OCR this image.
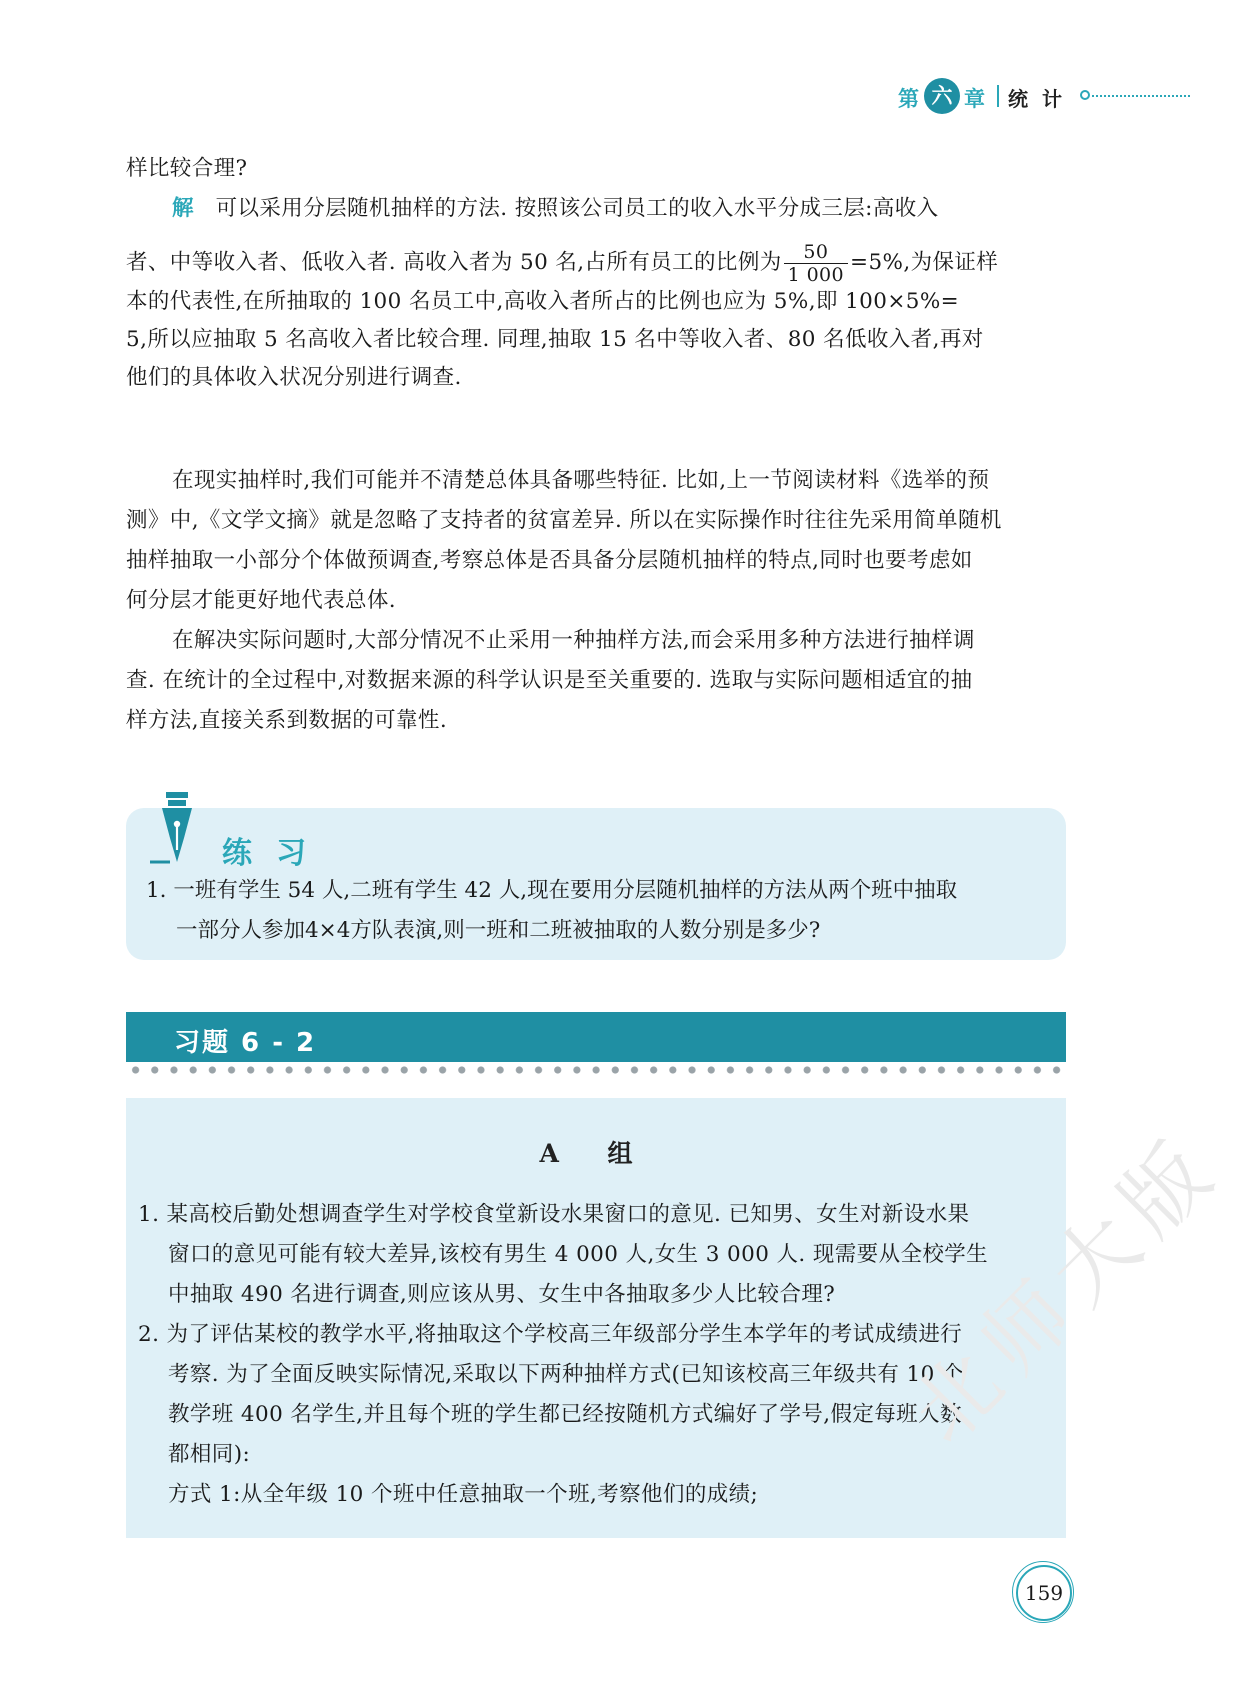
第 六 章 统计
样比较合理?
解 可以采用分层随机抽样的方法. 按照该公司员工的收入水平分成三层:高收入
者、中等收入者、低收入者. 高收入者为 50 名,占所有员工的比例为 $\frac{50}{1 000} =5\%$,为保证样
本的代表性,在所抽取的 100 名员工中,高收入者所占的比例也应为 5%,即 100×5%=
5,所以应抽取 5 名高收入者比较合理. 同理,抽取 15 名中等收入者、80 名低收入者,再对
他们的具体收入状况分别进行调查.
在现实抽样时,我们可能并不清楚总体具备哪些特征. 比如,上一节阅读材料《选举的预
测》中,《文学文摘》就是忽略了支持者的贫富差异. 所以在实际操作时往往先采用简单随机
抽样抽取一小部分个体做预调查,考察总体是否具备分层随机抽样的特点,同时也要考虑如
何分层才能更好地代表总体.
在解决实际问题时,大部分情况不止采用一种抽样方法,而会采用多种方法进行抽样调
查. 在统计的全过程中,对数据来源的科学认识是至关重要的. 选取与实际问题相适宜的抽
样方法,直接关系到数据的可靠性.
练习
1. 一班有学生 54 人,二班有学生 42 人,现在要用分层随机抽样的方法从两个班中抽取
一部分人参加4×4方队表演,则一班和二班被抽取的人数分别是多少?
习题 6 - 2
A 组
1. 某高校后勤处想调查学生对学校食堂新设水果窗口的意见. 已知男、女生对新设水果
窗口的意见可能有较大差异,该校有男生 4 000 人,女生 3 000 人. 现需要从全校学生
中抽取 490 名进行调查,则应该从男、女生中各抽取多少人比较合理?
2. 为了评估某校的教学水平,将抽取这个学校高三年级部分学生本学年的考试成绩进行
考察. 为了全面反映实际情况,采取以下两种抽样方式(已知该校高三年级共有 10 个
教学班 400 名学生,并且每个班的学生都已经按随机方式编好了学号,假定每班人数
都相同):
方式 1:从全年级 10 个班中任意抽取一个班,考察他们的成绩;
北师大版
159
